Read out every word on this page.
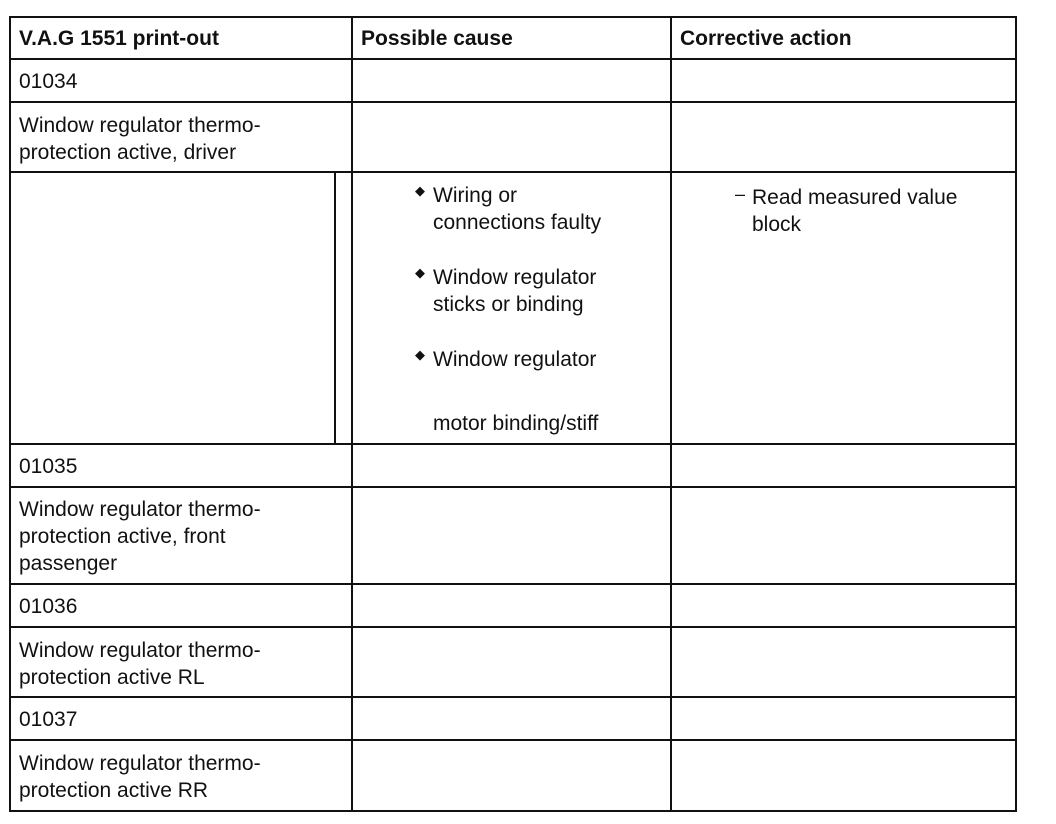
V.A.G 1551 print-out	Possible cause	Corrective action
01034
Window regulator thermo-
protection active, driver
◆ Wiring or
connections faulty
◆ Window regulator
sticks or binding
◆ Window regulator
motor binding/stiff
– Read measured value
block
01035
Window regulator thermo-
protection active, front
passenger
01036
Window regulator thermo-
protection active RL
01037
Window regulator thermo-
protection active RR
